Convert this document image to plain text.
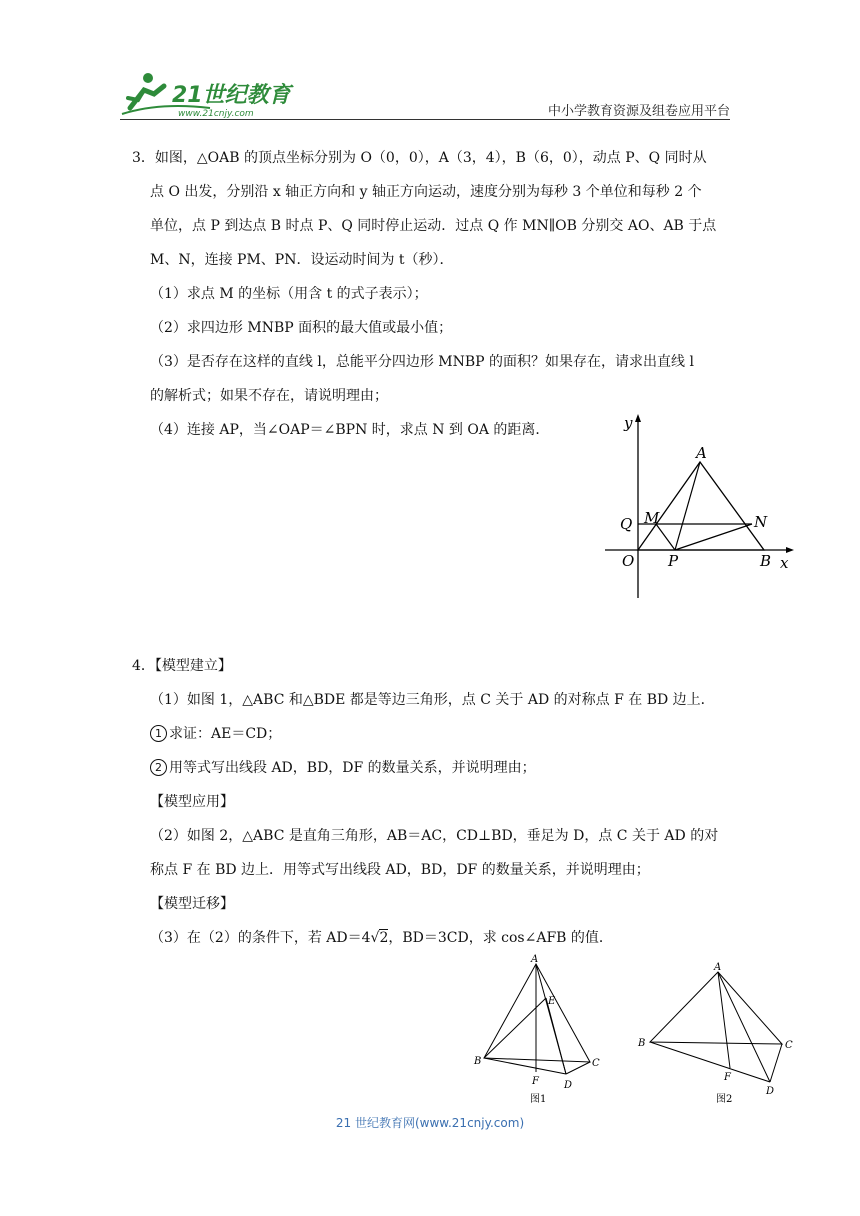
21世纪教育
www.21cnjy.com	中小学教育资源及组卷应用平台
3．如图，△OAB 的顶点坐标分别为 O（0，0），A（3，4），B（6，0），动点 P、Q 同时从
点 O 出发，分别沿 x 轴正方向和 y 轴正方向运动，速度分别为每秒 3 个单位和每秒 2 个
单位，点 P 到达点 B 时点 P、Q 同时停止运动．过点 Q 作 MN∥OB 分别交 AO、AB 于点
M、N，连接 PM、PN．设运动时间为 t（秒）．
（1）求点 M 的坐标（用含 t 的式子表示）；
（2）求四边形 MNBP 面积的最大值或最小值；
（3）是否存在这样的直线 l，总能平分四边形 MNBP 的面积？如果存在，请求出直线 l
的解析式；如果不存在，请说明理由；
（4）连接 AP，当∠OAP＝∠BPN 时，求点 N 到 OA 的距离．	y
x
A
Q M	N
O P	B
4．【模型建立】
（1）如图 1，△ABC 和△BDE 都是等边三角形，点 C 关于 AD 的对称点 F 在 BD 边上．
1 求证：AE＝CD；
2 用等式写出线段 AD，BD，DF 的数量关系，并说明理由；
【模型应用】
（2）如图 2，△ABC 是直角三角形，AB＝AC，CD⊥BD，垂足为 D，点 C 关于 AD 的对
称点 F 在 BD 边上．用等式写出线段 AD，BD，DF 的数量关系，并说明理由；
【模型迁移】
（3）在（2）的条件下，若 AD＝4√2，BD＝3CD，求 cos∠AFB 的值．
A
E
B	C
F	D
图1
A
B	C
F
D
图2
21 世纪教育网(www.21cnjy.com)
